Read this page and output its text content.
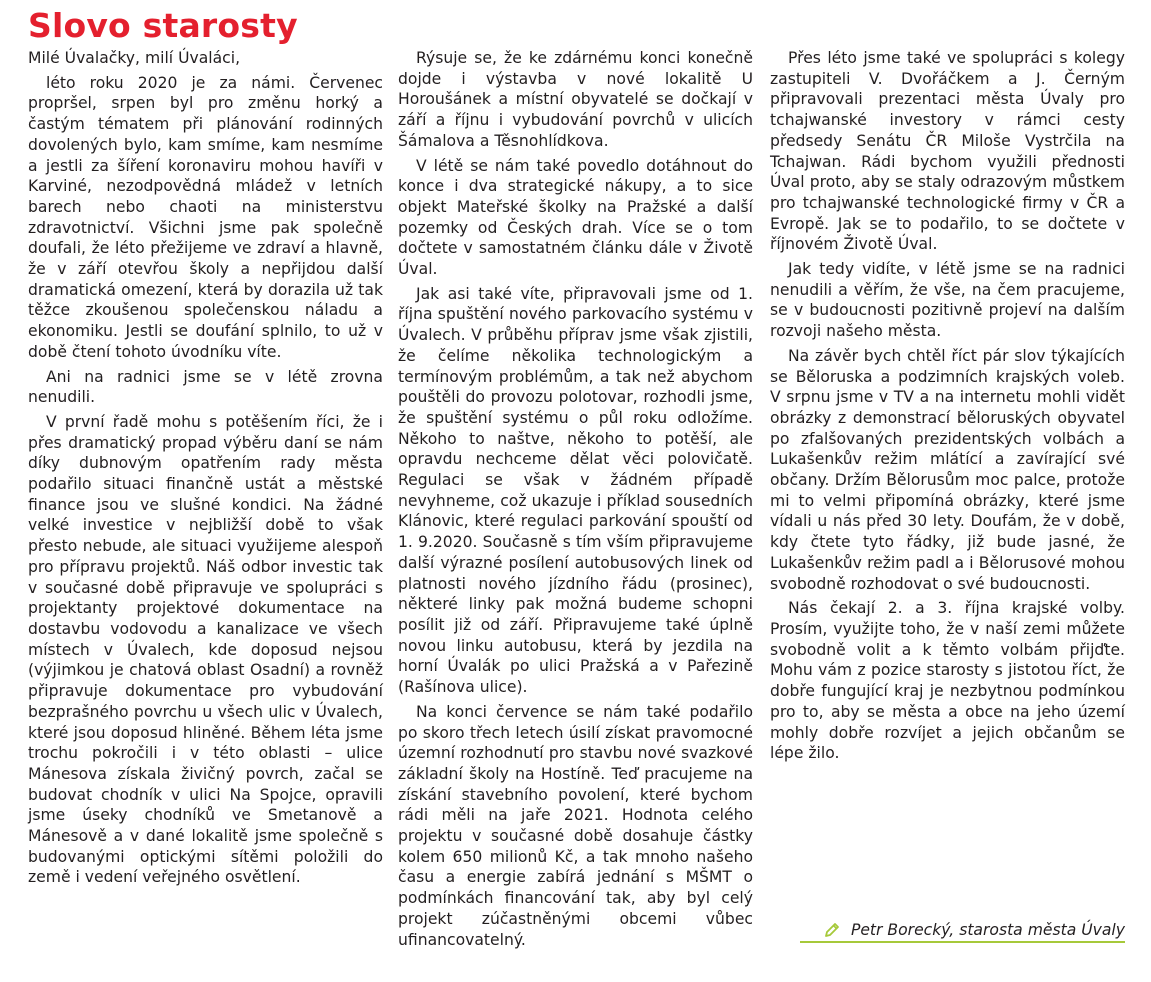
Slovo starosty

Milé Úvalačky, milí Úvaláci,

léto roku 2020 je za námi. Červenec propršel, srpen byl pro změnu horký a častým tématem při plánování rodinných dovolených bylo, kam smíme, kam nesmíme a jestli za šíření koronaviru mohou havíři v Karviné, nezodpovědná mládež v letních barech nebo chaoti na ministerstvu zdravotnictví. Všichni jsme pak společně doufali, že léto přežijeme ve zdraví a hlavně, že v září otevřou školy a nepřijdou další dramatická omezení, která by dorazila už tak těžce zkoušenou společenskou náladu a ekonomiku. Jestli se doufání splnilo, to už v době čtení tohoto úvodníku víte.

Ani na radnici jsme se v létě zrovna nenudili.

V první řadě mohu s potěšením říci, že i přes dramatický propad výběru daní se nám díky dubnovým opatřením rady města podařilo situaci finančně ustát a městské finance jsou ve slušné kondici. Na žádné velké investice v nejbližší době to však přesto nebude, ale situaci využijeme alespoň pro přípravu projektů. Náš odbor investic tak v současné době připravuje ve spolupráci s projektanty projektové dokumentace na dostavbu vodovodu a kanalizace ve všech místech v Úvalech, kde doposud nejsou (výjimkou je chatová oblast Osadní) a rovněž připravuje dokumentace pro vybudování bezprašného povrchu u všech ulic v Úvalech, které jsou doposud hliněné. Během léta jsme trochu pokročili i v této oblasti – ulice Mánesova získala živičný povrch, začal se budovat chodník v ulici Na Spojce, opravili jsme úseky chodníků ve Smetanově a Mánesově a v dané lokalitě jsme společně s budovanými optickými sítěmi položili do země i vedení veřejného osvětlení.

Rýsuje se, že ke zdárnému konci konečně dojde i výstavba v nové lokalitě U Horoušánek a místní obyvatelé se dočkají v září a říjnu i vybudování povrchů v ulicích Šámalova a Těsnohlídkova.

V létě se nám také povedlo dotáhnout do konce i dva strategické nákupy, a to sice objekt Mateřské školky na Pražské a další pozemky od Českých drah. Více se o tom dočtete v samostatném článku dále v Životě Úval.

Jak asi také víte, připravovali jsme od 1. října spuštění nového parkovacího systému v Úvalech. V průběhu příprav jsme však zjistili, že čelíme několika technologickým a termínovým problémům, a tak než abychom pouštěli do provozu polotovar, rozhodli jsme, že spuštění systému o půl roku odložíme. Někoho to naštve, někoho to potěší, ale opravdu nechceme dělat věci polovičatě. Regulaci se však v žádném případě nevyhneme, což ukazuje i příklad sousedních Klánovic, které regulaci parkování spouští od 1. 9.2020. Současně s tím vším připravujeme další výrazné posílení autobusových linek od platnosti nového jízdního řádu (prosinec), některé linky pak možná budeme schopni posílit již od září. Připravujeme také úplně novou linku autobusu, která by jezdila na horní Úvalák po ulici Pražská a v Pařezině (Rašínova ulice).

Na konci července se nám také podařilo po skoro třech letech úsilí získat pravomocné územní rozhodnutí pro stavbu nové svazkové základní školy na Hostíně. Teď pracujeme na získání stavebního povolení, které bychom rádi měli na jaře 2021. Hodnota celého projektu v současné době dosahuje částky kolem 650 milionů Kč, a tak mnoho našeho času a energie zabírá jednání s MŠMT o podmínkách financování tak, aby byl celý projekt zúčastněnými obcemi vůbec ufinancovatelný.

Přes léto jsme také ve spolupráci s kolegy zastupiteli V. Dvořáčkem a J. Černým připravovali prezentaci města Úvaly pro tchajwanské investory v rámci cesty předsedy Senátu ČR Miloše Vystrčila na Tchajwan. Rádi bychom využili přednosti Úval proto, aby se staly odrazovým můstkem pro tchajwanské technologické firmy v ČR a Evropě. Jak se to podařilo, to se dočtete v říjnovém Životě Úval.

Jak tedy vidíte, v létě jsme se na radnici nenudili a věřím, že vše, na čem pracujeme, se v budoucnosti pozitivně projeví na dalším rozvoji našeho města.

Na závěr bych chtěl říct pár slov týkajících se Běloruska a podzimních krajských voleb. V srpnu jsme v TV a na internetu mohli vidět obrázky z demonstrací běloruských obyvatel po zfalšovaných prezidentských volbách a Lukašenkův režim mlátící a zavírající své občany. Držím Bělorusům moc palce, protože mi to velmi připomíná obrázky, které jsme vídali u nás před 30 lety. Doufám, že v době, kdy čtete tyto řádky, již bude jasné, že Lukašenkův režim padl a i Bělorusové mohou svobodně rozhodovat o své budoucnosti.

Nás čekají 2. a 3. října krajské volby. Prosím, využijte toho, že v naší zemi můžete svobodně volit a k těmto volbám přijďte. Mohu vám z pozice starosty s jistotou říct, že dobře fungující kraj je nezbytnou podmínkou pro to, aby se města a obce na jeho území mohly dobře rozvíjet a jejich občanům se lépe žilo.

Petr Borecký, starosta města Úvaly
